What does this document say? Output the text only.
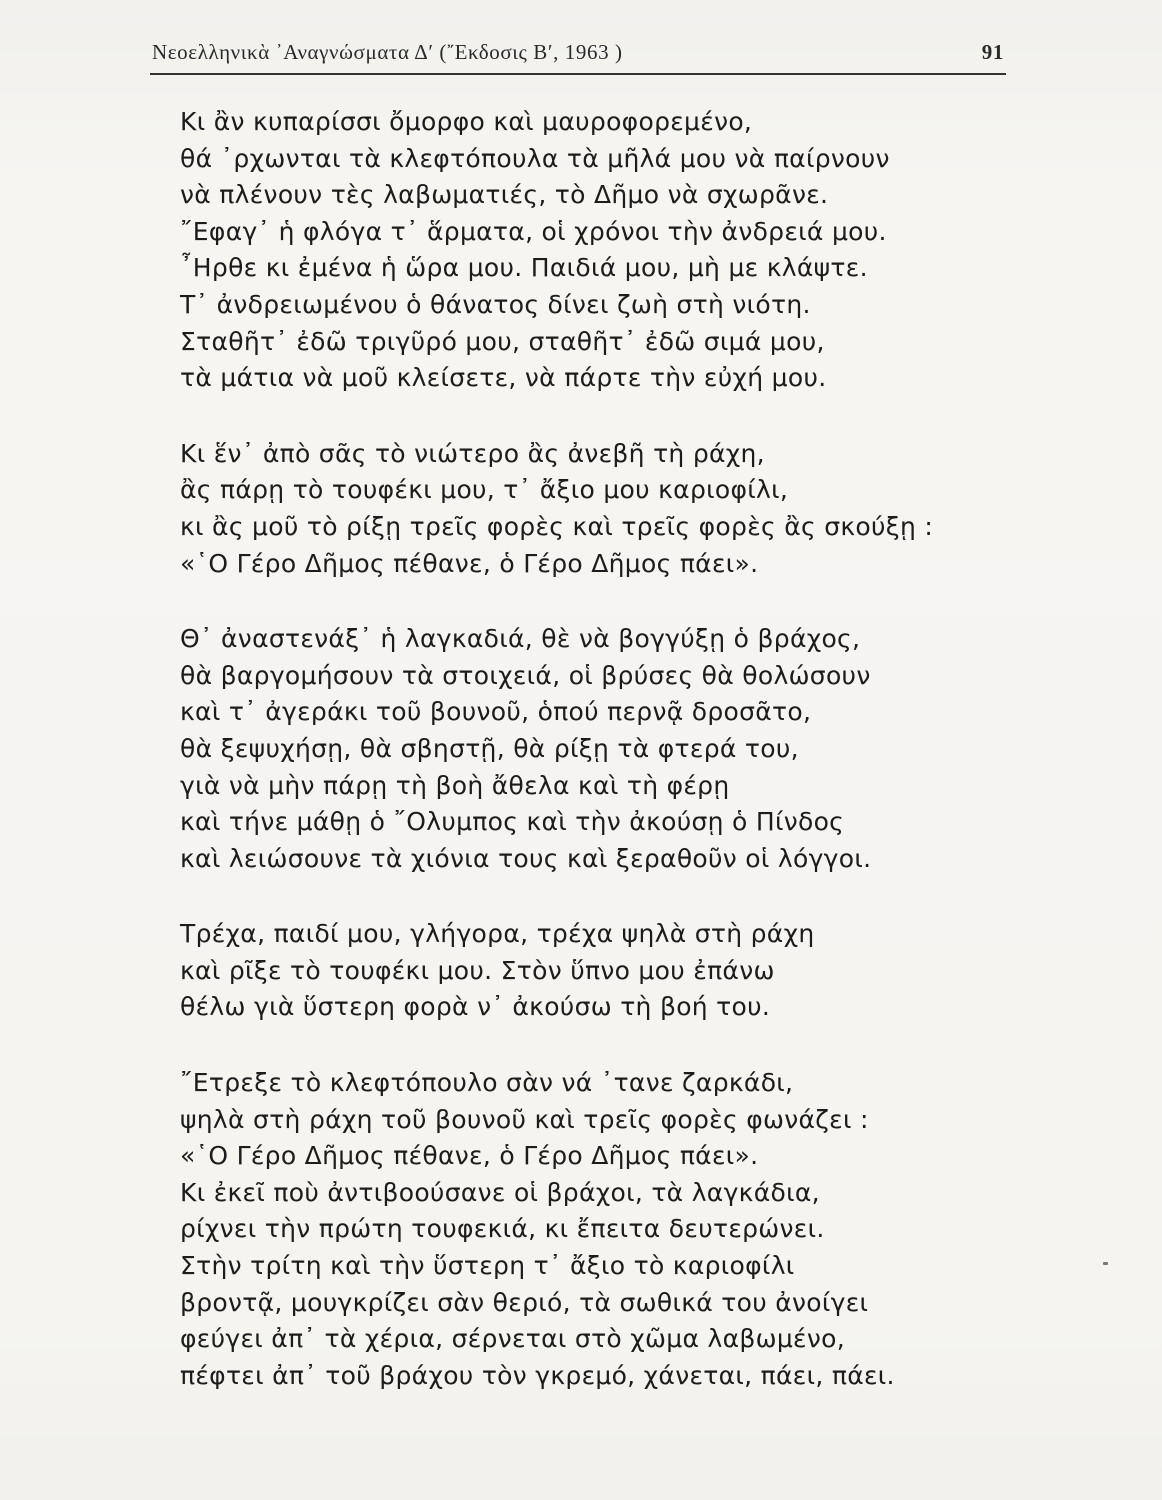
Νεοελληνικὰ ᾿Αναγνώσματα Δ′ (῎Εκδοσις Β′, 1963 )	91
Κι ἂν κυπαρίσσι ὄμορφο καὶ μαυροφορεμένο,
θά ᾿ρχωνται τὰ κλεφτόπουλα τὰ μῆλά μου νὰ παίρνουν
νὰ πλένουν τὲς λαβωματιές, τὸ Δῆμο νὰ σχωρᾶνε.
῎Εφαγ᾿ ἡ φλόγα τ᾿ ἅρματα, οἱ χρόνοι τὴν ἀνδρειά μου.
῏Ηρθε κι ἐμένα ἡ ὥρα μου. Παιδιά μου, μὴ με κλάψτε.
Τ᾿ ἀνδρειωμένου ὁ θάνατος δίνει ζωὴ στὴ νιότη.
Σταθῆτ᾿ ἐδῶ τριγῦρό μου, σταθῆτ᾿ ἐδῶ σιμά μου,
τὰ μάτια νὰ μοῦ κλείσετε, νὰ πάρτε τὴν εὐχή μου.
Κι ἕν᾿ ἀπὸ σᾶς τὸ νιώτερο ἂς ἀνεβῆ τὴ ράχη,
ἂς πάρῃ τὸ τουφέκι μου, τ᾿ ἄξιο μου καριοφίλι,
κι ἂς μοῦ τὸ ρίξῃ τρεῖς φορὲς καὶ τρεῖς φορὲς ἂς σκούξῃ :
«῾Ο Γέρο Δῆμος πέθανε, ὁ Γέρο Δῆμος πάει».
Θ᾿ ἀναστενάξ᾿ ἡ λαγκαδιά, θὲ νὰ βογγύξῃ ὁ βράχος,
θὰ βαργομήσουν τὰ στοιχειά, οἱ βρύσες θὰ θολώσουν
καὶ τ᾿ ἀγεράκι τοῦ βουνοῦ, ὁπού περνᾷ δροσᾶτο,
θὰ ξεψυχήσῃ, θὰ σβηστῇ, θὰ ρίξῃ τὰ φτερά του,
γιὰ νὰ μὴν πάρῃ τὴ βοὴ ἄθελα καὶ τὴ φέρῃ
καὶ τήνε μάθῃ ὁ ῎Ολυμπος καὶ τὴν ἀκούσῃ ὁ Πίνδος
καὶ λειώσουνε τὰ χιόνια τους καὶ ξεραθοῦν οἱ λόγγοι.
Τρέχα, παιδί μου, γλήγορα, τρέχα ψηλὰ στὴ ράχη
καὶ ρῖξε τὸ τουφέκι μου. Στὸν ὕπνο μου ἐπάνω
θέλω γιὰ ὕστερη φορὰ ν᾿ ἀκούσω τὴ βοή του.
῎Ετρεξε τὸ κλεφτόπουλο σὰν νά ᾿τανε ζαρκάδι,
ψηλὰ στὴ ράχη τοῦ βουνοῦ καὶ τρεῖς φορὲς φωνάζει :
«῾Ο Γέρο Δῆμος πέθανε, ὁ Γέρο Δῆμος πάει».
Κι ἐκεῖ ποὺ ἀντιβοούσανε οἱ βράχοι, τὰ λαγκάδια,
ρίχνει τὴν πρώτη τουφεκιά, κι ἔπειτα δευτερώνει.
Στὴν τρίτη καὶ τὴν ὕστερη τ᾿ ἄξιο τὸ καριοφίλι
βροντᾷ, μουγκρίζει σὰν θεριό, τὰ σωθικά του ἀνοίγει
φεύγει ἀπ᾿ τὰ χέρια, σέρνεται στὸ χῶμα λαβωμένο,
πέφτει ἀπ᾿ τοῦ βράχου τὸν γκρεμό, χάνεται, πάει, πάει.
